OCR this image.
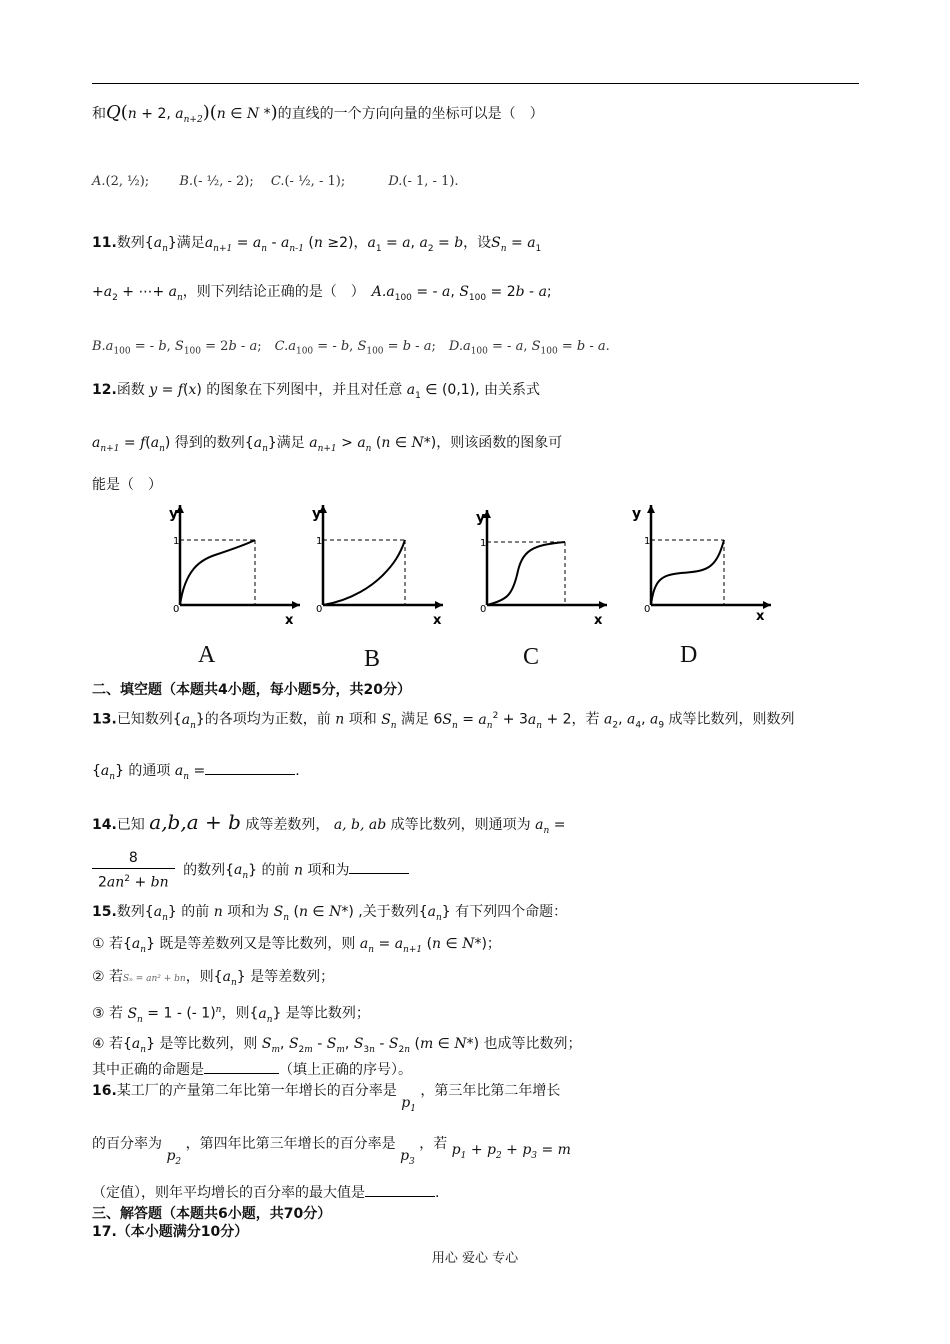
和Q(n + 2, $a_{n+2})(n$ ∈ N *)的直线的一个方向向量的坐标可以是（　）
A.(2, ½);　　 B.(- ½, - 2);　 C.(- ½, - 1);　　　 D.(- 1, - 1).
11.数列$\{a_n\}$满足$a_{n+1} = a_n - a_{n-1}$ (n ≥2)，$a_1 = a$, $a_2 = b$，设$S_n = a_1$
$+a_2$ + ⋯+ $a_n$，则下列结论正确的是（　）　$A.a_{100}$ = - a, $S_{100} = 2b - a$;
$B.a_{100}$ = - b, $S_{100} = 2b - a$;　$C.a_{100}$ = - b, $S_{100} = b - a$;　$D.a_{100}$ = - a, $S_{100} = b - a$.
12.函数 y = f(x) 的图象在下列图中，并且对任意 $a_1$ ∈ (0,1), 由关系式
$a_{n+1} = f(a_n)$ 得到的数列$\{a_n\}$满足 $a_{n+1} > a_n$ (n ∈ N*)，则该函数的图象可
能是（　）
y
x
1
0
A
y
x
1
0
B
y
x
1
0
C
y
x
1
0
D
二、填空题（本题共4小题，每小题5分，共20分）
13.已知数列$\{a_n\}$的各项均为正数，前 n 项和 $S_n$ 满足 $6S_n = a_n^2 + 3a_n + 2$，若 $a_2$, $a_4$, $a_9$ 成等比数列，则数列
$\{a_n\}$ 的通项 $a_n$ =	.
14.已知 a,b,a + b 成等差数列， a, b, ab 成等比数列，则通项为 $a_n$ =
$\frac{8}{2an^2 + bn}$ 的数列$\{a_n\}$ 的前 n 项和为
15.数列$\{a_n\}$ 的前 n 项和为 $S_n$ (n ∈ N*) ,关于数列$\{a_n\}$ 有下列四个命题：
① 若$\{a_n\}$ 既是等差数列又是等比数列，则 $a_n = a_{n+1}$ (n ∈ N*)；
② 若Sₙ = an² + bn，则$\{a_n\}$ 是等差数列；
③ 若 $S_n = 1$ - (- 1)$^n$，则$\{a_n\}$ 是等比数列；
④ 若$\{a_n\}$ 是等比数列，则 $S_m$, $S_{2m} - S_m$, $S_{3n} - S_{2n}$ (m ∈ N*) 也成等比数列；
其中正确的命题是	（填上正确的序号）。
16.某工厂的产量第二年比第一年增长的百分率是 $p_1$ ，第三年比第二年增长
的百分率为 $p_2$ ，第四年比第三年增长的百分率是 $p_3$ ，若 $p_1 + p_2 + p_3 = m$
（定值），则年平均增长的百分率的最大值是	.
三、解答题（本题共6小题，共70分）
17.（本小题满分10分）
用心 爱心 专心
